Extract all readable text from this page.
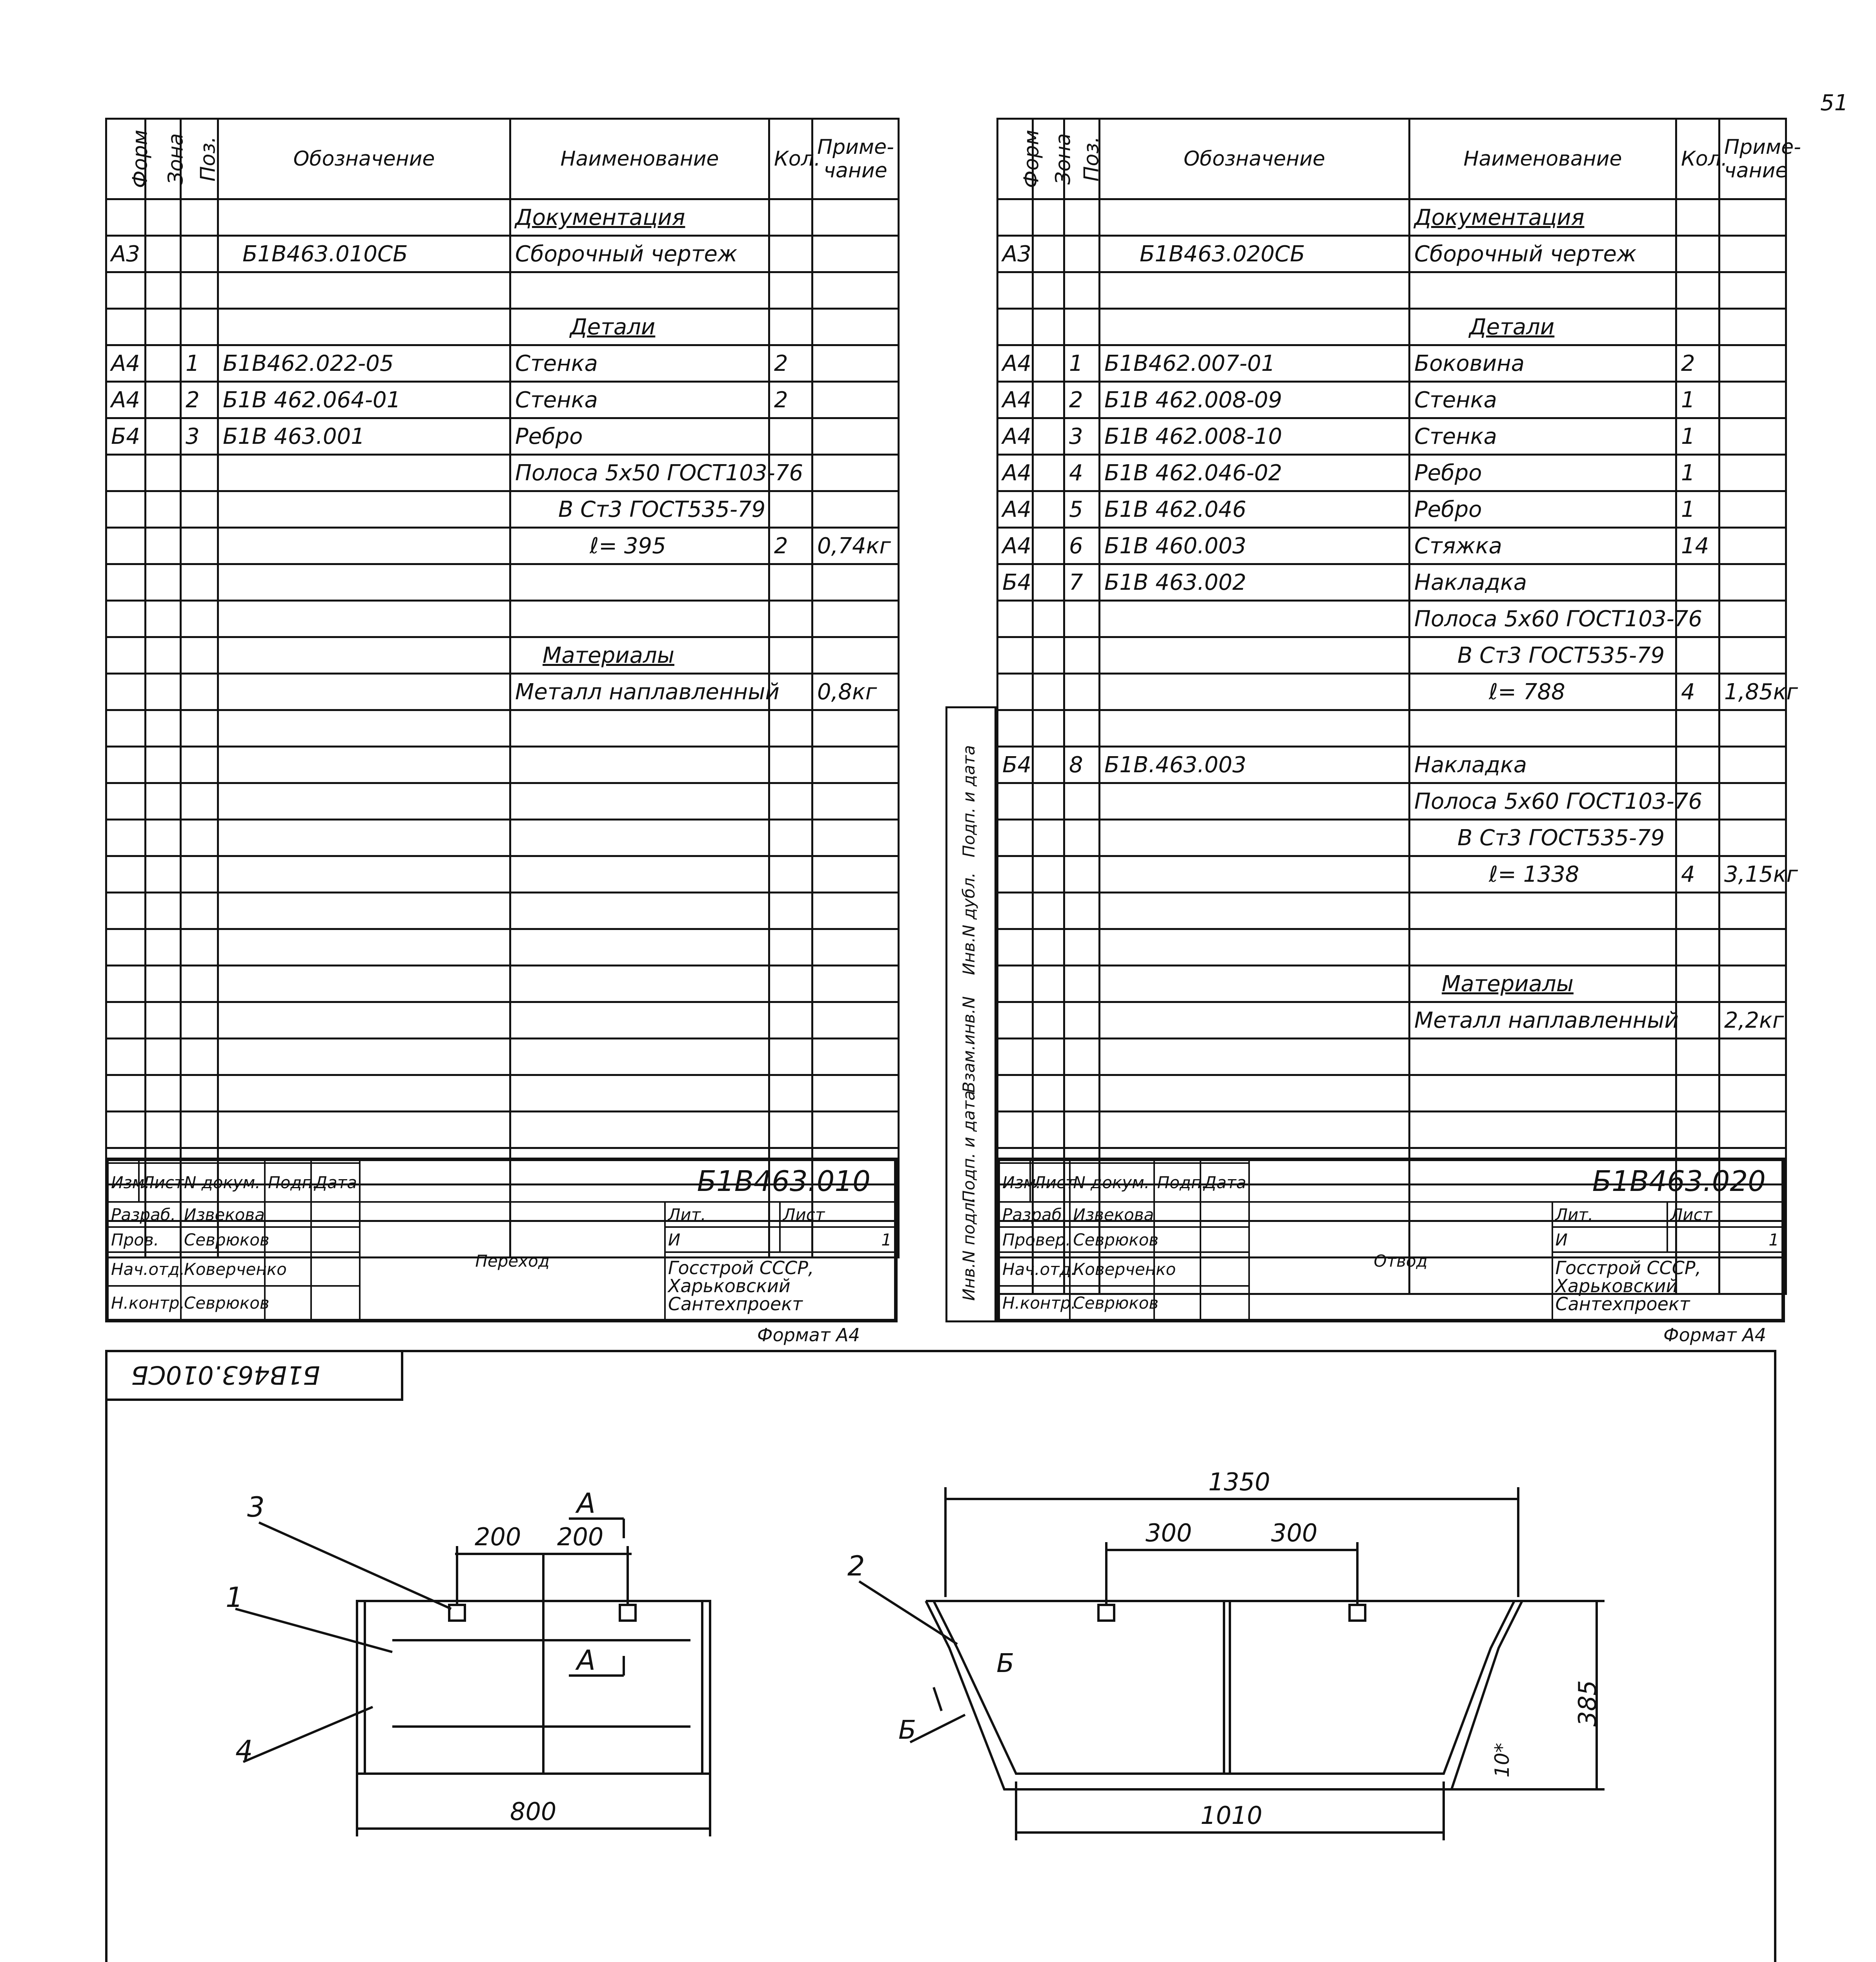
51
Форм	Зона	Поз.	Обозначение	Наименование	Кол.	Приме-чание
				Документация		
А3			Б1В463.010СБ	Сборочный чертеж		

				Детали		
А4		1	Б1В462.022-05	Стенка	2	
А4		2	Б1В 462.064-01	Стенка	2	
Б4		3	Б1В 463.001	Ребро		
				Полоса 5х50 ГОСТ103-76		
				В Ст3 ГОСТ535-79		
				ℓ= 395	2	0,74кг

				Материалы		
				Металл наплавленный		0,8кг

					Б1В463.010		
Изм.	Лист	N докум.	Подп.	Дата			
Разраб.		Извекова			Переход	Лит.	Лист
Пров.		Севрюков				И	1
Нач.отд.		Коверченко				Госстрой СССР, Харьковский Сантехпроект	
Н.контр.		Севрюков					
Формат А4
Форм	Зона	Поз.	Обозначение	Наименование	Кол.	Приме-чание
				Документация		
А3			Б1В463.020СБ	Сборочный чертеж		

				Детали		
А4		1	Б1В462.007-01	Боковина	2	
А4		2	Б1В 462.008-09	Стенка	1	
А4		3	Б1В 462.008-10	Стенка	1	
А4		4	Б1В 462.046-02	Ребро	1	
А4		5	Б1В 462.046	Ребро	1	
А4		6	Б1В 460.003	Стяжка	14	
Б4		7	Б1В 463.002	Накладка		
				Полоса 5х60 ГОСТ103-76		
				В Ст3 ГОСТ535-79		
				ℓ= 788	4	1,85кг

Б4		8	Б1В.463.003	Накладка		
				Полоса 5х60 ГОСТ103-76		
				В Ст3 ГОСТ535-79		
				ℓ= 1338	4	3,15кг

				Материалы		
				Металл наплавленный		2,2кг

Инв.N подл.
Подп. и дата
Взам.инв.N
Инв.N дубл.
Подп. и дата
					Б1В463.020		
Изм.	Лист	N докум.	Подп.	Дата			
Разраб.		Извекова			Отвод	Лит.	Лист
Провер.		Севрюков				И	1
Нач.отд.		Коверченко				Госстрой СССР, Харьковский Сантехпроект	
Н.контр.		Севрюков					
Формат А4
Б1В463.010СБ
3
1
4
2
200 200
800
А
А
1350
300	300
1010
385
10*
Б
Б
